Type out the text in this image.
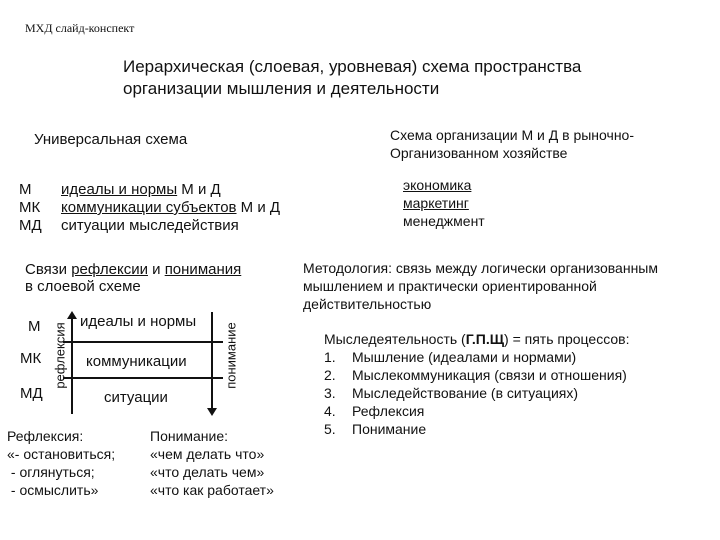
МХД слайд-конспект
Иерархическая (слоевая, уровневая) схема пространства
организации мышления и деятельности
Универсальная схема
М идеалы и нормы М и Д
МК коммуникации субъектов М и Д
МД ситуации мыследействия
Связи рефлексии и понимания
в слоевой схеме
М
МК
МД
идеалы и нормы
коммуникации
ситуации
рефлексия	понимание
Рефлексия:
«- остановиться;
- оглянуться;
- осмыслить»
Понимание:
«чем делать что»
«что делать чем»
«что как работает»
Схема организации М и Д в рыночно-
Организованном хозяйстве
экономика
маркетинг
менеджмент
Методология: связь между логически организованным
мышлением и практически ориентированной
действительностью
Мыследеятельность (Г.П.Щ) = пять процессов:
1. Мышление (идеалами и нормами)
2. Мыслекоммуникация (связи и отношения)
3. Мыследействование (в ситуациях)
4. Рефлексия
5. Понимание
